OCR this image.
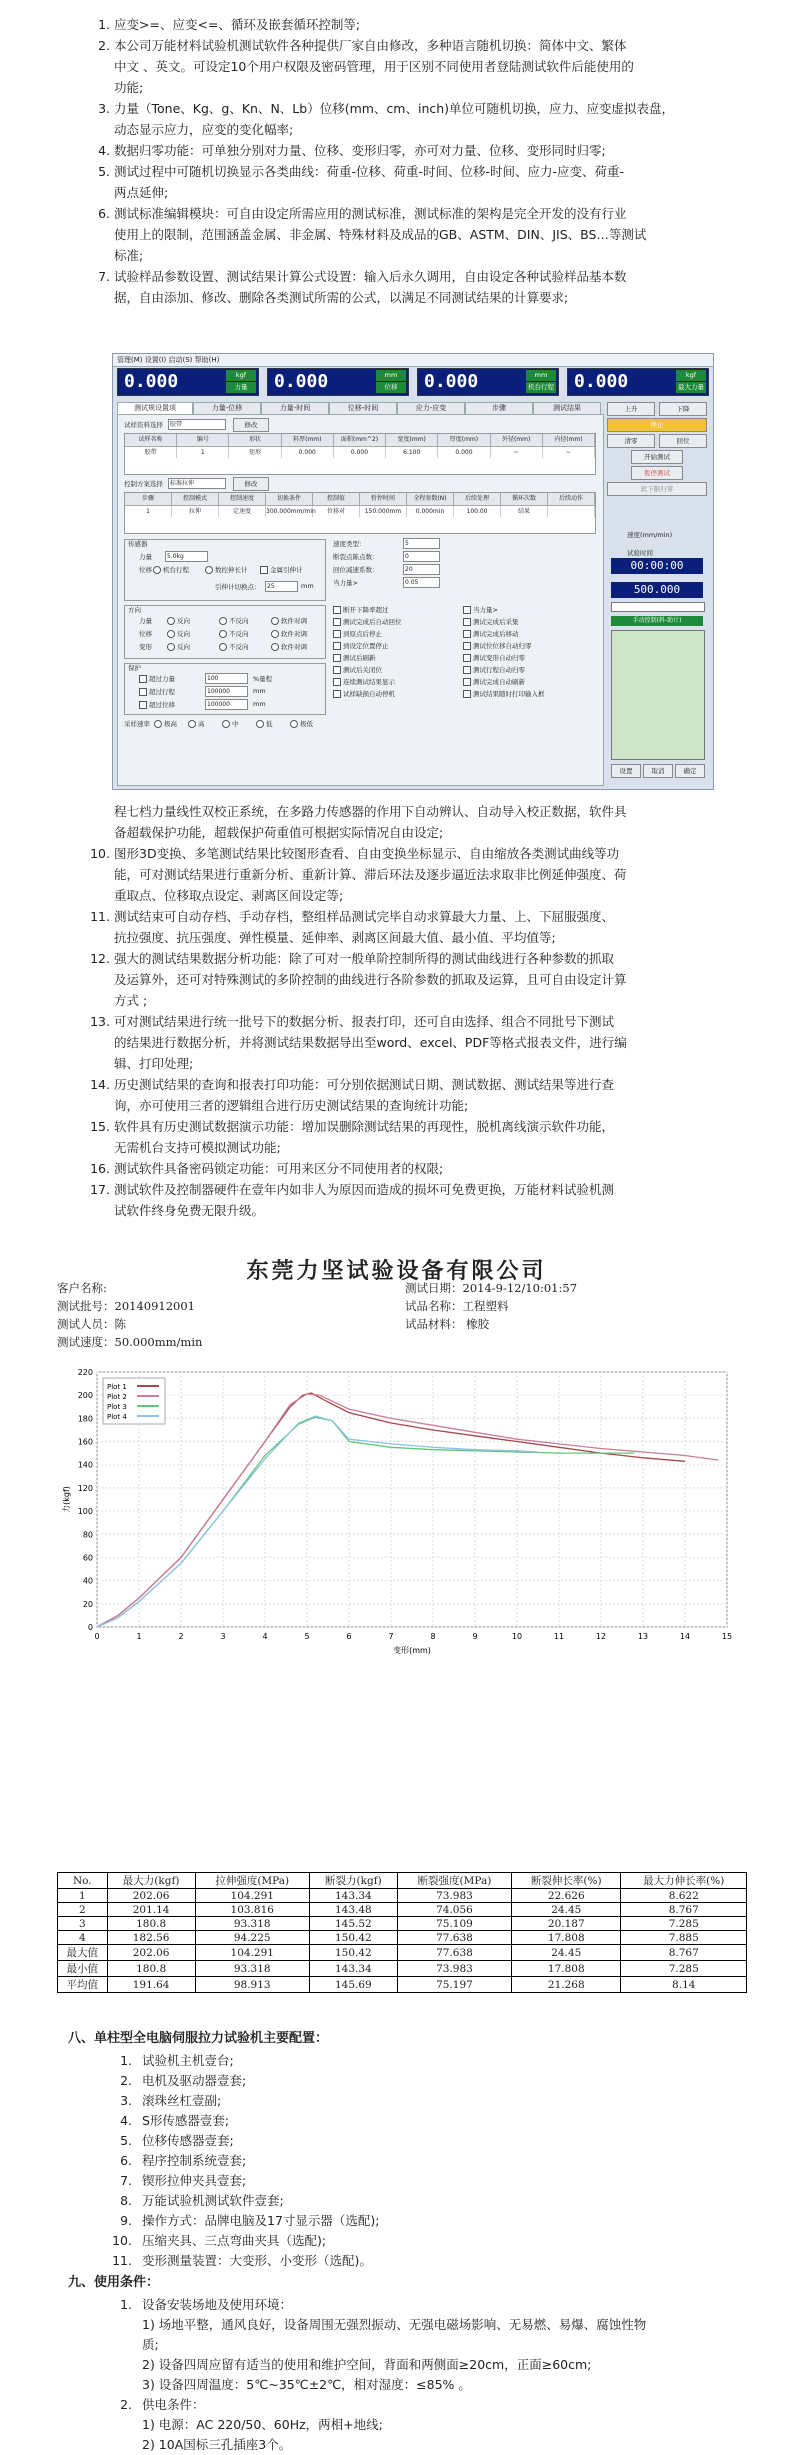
1. 应变>=、应变<=、循环及嵌套循环控制等;
2. 本公司万能材料试验机测试软件各种提供厂家自由修改，多种语言随机切换：简体中文、繁体
中文 、英文。可设定10个用户权限及密码管理，用于区别不同使用者登陆测试软件后能使用的
功能;
3. 力量（Tone、Kg、g、Kn、N、Lb）位移(mm、cm、inch)单位可随机切换，应力、应变虚拟表盘，
动态显示应力，应变的变化幅率;
4. 数据归零功能：可单独分别对力量、位移、变形归零，亦可对力量、位移、变形同时归零;
5. 测试过程中可随机切换显示各类曲线：荷重-位移、荷重-时间、位移-时间、应力-应变、荷重-
两点延伸;
6. 测试标准编辑模块：可自由设定所需应用的测试标准，测试标准的架构是完全开发的没有行业
使用上的限制，范围涵盖金属、非金属、特殊材料及成品的GB、ASTM、DIN、JIS、BS…等测试
标准;
7. 试验样品参数设置、测试结果计算公式设置：输入后永久调用，自由设定各种试验样品基本数
据，自由添加、修改、删除各类测试所需的公式，以满足不同测试结果的计算要求;
管理(M) 设置(I) 启动(S) 帮助(H)
0.000	kgf
力量	0.000	mm
位移	0.000	mm
机台行程 0.000	kgf
最大力量
测试规设置项	力量-位移	力量-时间	位移-时间	应力-应变	步骤	测试结果
试样资料选择	胶带	修改
试样名称	编号	形状	料厚(mm)	面积(mm^2)	宽度(mm)	厚度(mm)	外径(mm)	内径(mm)
胶带	1	矩形	0.000	0.000	6.100	0.000	~	~
控制方案选择	标准拉伸	修改
步骤	控制模式	控制速度	切换条件	控制值	暂停时间	全程参数(N)	后续处理	循环次数	后续动作
1	拉伸	定速度	300.000mm/min	位移对	150.000mm	0.000min	100.00	结果
传感器
力量	5.0kg
位移	机台行程	数控伸长计	金属引伸计
引伸计切换点：	25	mm
方向
力量	反向	不反向	软件对调
位移	反向	不反向	软件对调
变形	反向	不反向	软件对调
保护
超过力量	100	%量程
超过行程	100000	mm
超过位移	100000	mm
采样速率	极高	高	中	低	极低
速度类型：	5
断裂点陈点数：	0
回位减速系数：	20
当力量>	0.05
断开下降率超过
测试完成后自动回位
到原点后停止
到设定位置停止
测试后刷新
测试后关闭位
连续测试结果显示
试样缺损自动停机
当力量>
测试完成后采集
测试完成后移动
测试位位移自动归零
测试变形自动归零
测试行程自动归零
测试完成自动刷新
测试结果随时打印输入框
上升	下降
停止
清零	回位
开始测试
暂停测试
软下限归零
速度(mm/min)
试验时间
00:00:00
500.000
手动控制(料-助计)
设置	取消	确定
程七档力量线性双校正系统，在多路力传感器的作用下自动辨认、自动导入校正数据，软件具
备超载保护功能，超载保护荷重值可根据实际情况自由设定;
10. 图形3D变换、多笔测试结果比较图形查看、自由变换坐标显示、自由缩放各类测试曲线等功
能，可对测试结果进行重新分析、重新计算、滞后环法及逐步逼近法求取非比例延伸强度、荷
重取点、位移取点设定、剥离区间设定等;
11. 测试结束可自动存档、手动存档，整组样品测试完毕自动求算最大力量、上、下屈服强度、
抗拉强度、抗压强度、弹性模量、延伸率、剥离区间最大值、最小值、平均值等;
12. 强大的测试结果数据分析功能：除了可对一般单阶控制所得的测试曲线进行各种参数的抓取
及运算外，还可对特殊测试的多阶控制的曲线进行各阶参数的抓取及运算，且可自由设定计算
方式 ;
13. 可对测试结果进行统一批号下的数据分析、报表打印，还可自由选择、组合不同批号下测试
的结果进行数据分析，并将测试结果数据导出至word、excel、PDF等格式报表文件，进行编
辑、打印处理;
14. 历史测试结果的查询和报表打印功能：可分别依据测试日期、测试数据、测试结果等进行查
询，亦可使用三者的逻辑组合进行历史测试结果的查询统计功能;
15. 软件具有历史测试数据演示功能：增加误删除测试结果的再现性，脱机离线演示软件功能，
无需机台支持可模拟测试功能;
16. 测试软件具备密码锁定功能：可用来区分不同使用者的权限;
17. 测试软件及控制器硬件在壹年内如非人为原因而造成的损坏可免费更换，万能材料试验机测
试软件终身免费无限升级。
东莞力坚试验设备有限公司
客户名称:
测试批号：20140912001
测试人员：陈
测试速度：50.000mm/min
测试日期：2014-9-12/10:01:57
试品名称：工程塑料
试品材料： 橡胶
0	1	2	3	4	5	6	7	8	9	10	11	12	13	14	15
0
20
40
60
80
100
120
140
160
180
200
220
变形(mm)
力(kgf)
Plot 1
Plot 2
Plot 3
Plot 4
No.	最大力(kgf)	拉伸强度(MPa)	断裂力(kgf)	断裂强度(MPa)	断裂伸长率(%)	最大力伸长率(%)
1	202.06	104.291	143.34	73.983	22.626	8.622
2	201.14	103.816	143.48	74.056	24.45	8.767
3	180.8	93.318	145.52	75.109	20.187	7.285
4	182.56	94.225	150.42	77.638	17.808	7.885
最大值	202.06	104.291	150.42	77.638	24.45	8.767
最小值	180.8	93.318	143.34	73.983	17.808	7.285
平均值	191.64	98.913	145.69	75.197	21.268	8.14
八、单柱型全电脑伺服拉力试验机主要配置：
1. 试验机主机壹台;
2. 电机及驱动器壹套;
3. 滚珠丝杠壹副;
4. S形传感器壹套;
5. 位移传感器壹套;
6. 程序控制系统壹套;
7. 锲形拉伸夹具壹套;
8. 万能试验机测试软件壹套;
9. 操作方式：品牌电脑及17寸显示器（选配);
10. 压缩夹具、三点弯曲夹具（选配);
11. 变形测量装置：大变形、小变形（选配)。
九、使用条件：
1. 设备安装场地及使用环境：
1) 场地平整，通风良好，设备周围无强烈振动、无强电磁场影响、无易燃、易爆、腐蚀性物
质;
2) 设备四周应留有适当的使用和维护空间，背面和两侧面≥20cm，正面≥60cm;
3) 设备四周温度：5℃~35℃±2℃，相对湿度：≤85% 。
2. 供电条件：
1) 电源：AC 220/50、60Hz，两相+地线;
2) 10A国标三孔插座3个。
